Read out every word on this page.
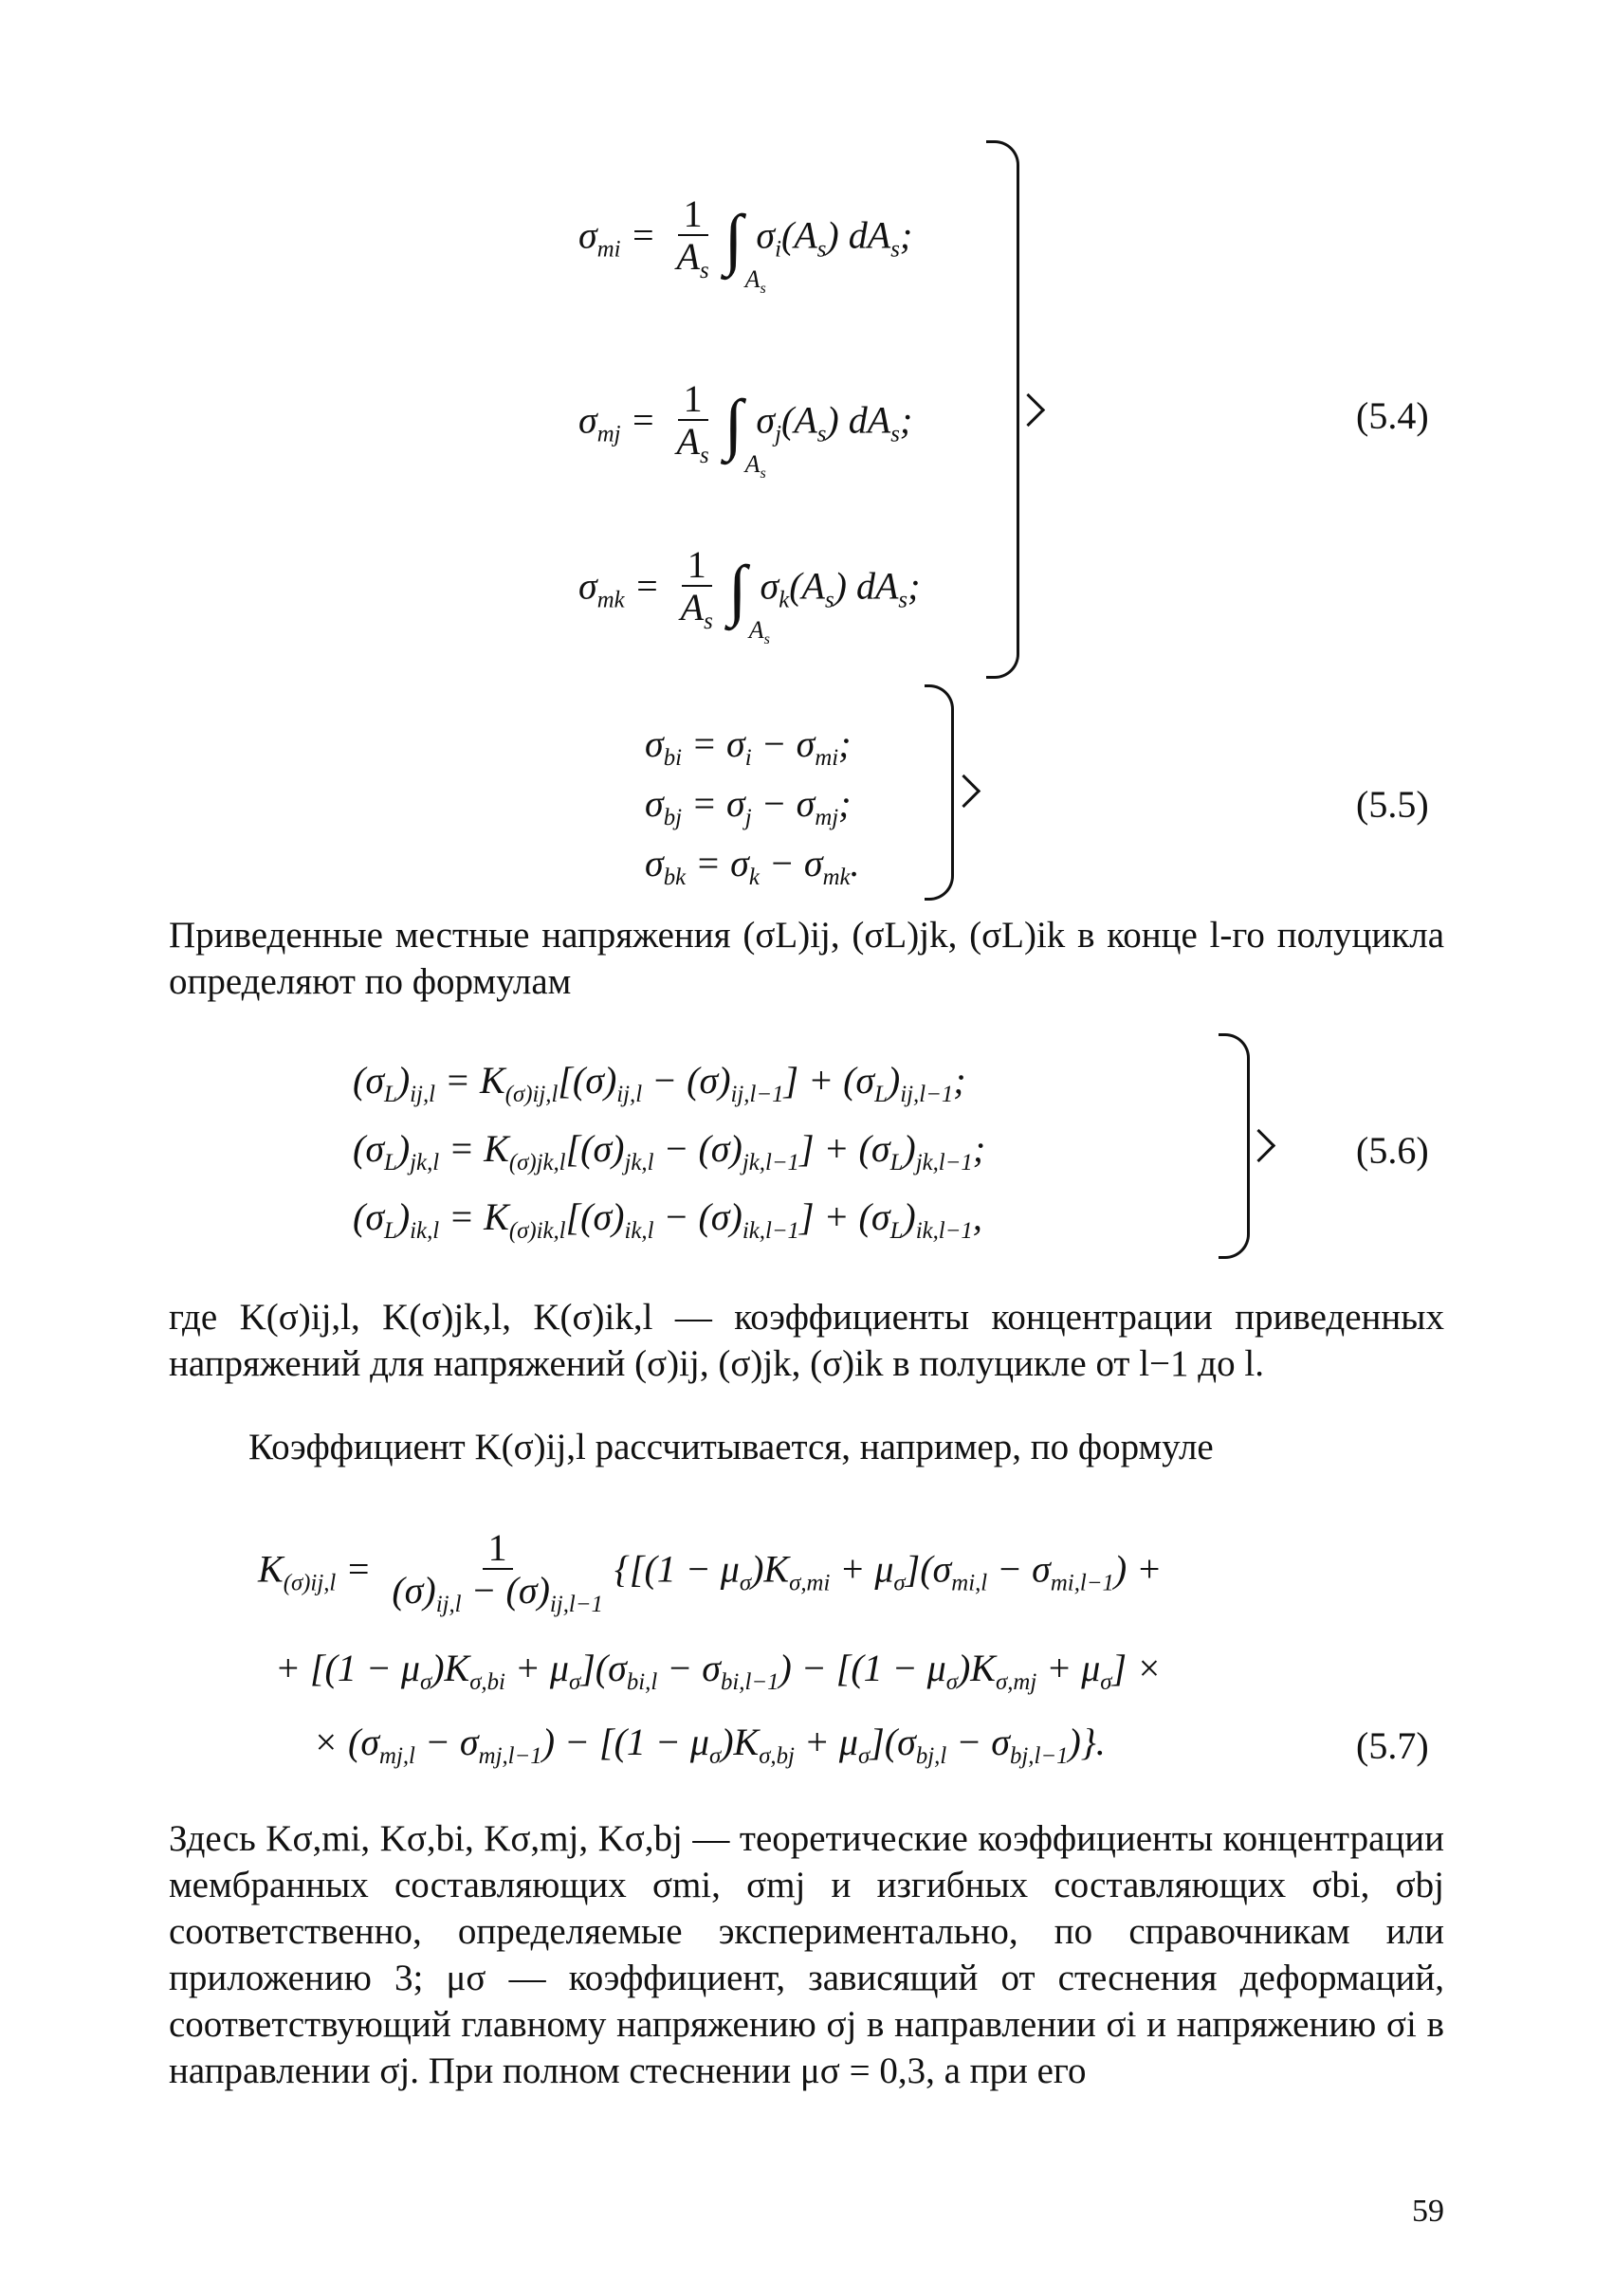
$\sigma_{mi} = \frac{1}{A_s}$ ∫
$A_s$
$\sigma_i(A_s)$ $dA_s$;
$\sigma_{mj} = \frac{1}{A_s}$ ∫
$A_s$
$\sigma_j(A_s)$ $dA_s$;
$\sigma_{mk} = \frac{1}{A_s}$ ∫
$A_s$
$\sigma_k(A_s)$ $dA_s$;
(5.4)
$\sigma_{bi} = \sigma_i - \sigma_{mi}$;
$\sigma_{bj} = \sigma_j - \sigma_{mj}$;
$\sigma_{bk} = \sigma_k - \sigma_{mk}$.
(5.5)
Приведенные местные напряжения (σL)ij, (σL)jk, (σL)ik в конце l-го полуцикла определяют по формулам
$(\sigma_L)_{ij,l} = K_{(\sigma)ij,l}[(\sigma)_{ij,l} - (\sigma)_{ij,l-1}] + (\sigma_L)_{ij,l-1}$;
$(\sigma_L)_{jk,l} = K_{(\sigma)jk,l}[(\sigma)_{jk,l} - (\sigma)_{jk,l-1}] + (\sigma_L)_{jk,l-1}$;
$(\sigma_L)_{ik,l} = K_{(\sigma)ik,l}[(\sigma)_{ik,l} - (\sigma)_{ik,l-1}] + (\sigma_L)_{ik,l-1}$,
(5.6)
где K(σ)ij,l, K(σ)jk,l, K(σ)ik,l — коэффициенты концентрации приведенных напряжений для напряжений (σ)ij, (σ)jk, (σ)ik в полуцикле от l−1 до l.
Коэффициент K(σ)ij,l рассчитывается, например, по формуле
$K_{(\sigma)ij,l} = \frac{1}{(\sigma)_{ij,l} - (\sigma)_{ij,l-1}} \{[(1 - \mu_\sigma)K_{\sigma,mi} + \mu_\sigma](\sigma_{mi,l} - \sigma_{mi,l-1})$ +
+ $[(1 - \mu_\sigma)K_{\sigma,bi} + \mu_\sigma](\sigma_{bi,l} - \sigma_{bi,l-1}) - [(1 - \mu_\sigma)K_{\sigma,mj} + \mu_\sigma]$ ×
× $(\sigma_{mj,l} - \sigma_{mj,l-1}) - [(1 - \mu_\sigma)K_{\sigma,bj} + \mu_\sigma](\sigma_{bj,l} - \sigma_{bj,l-1})$}.	(5.7)
Здесь Kσ,mi, Kσ,bi, Kσ,mj, Kσ,bj — теоретические коэффициенты концентрации мембранных составляющих σmi, σmj и изгибных составляющих σbi, σbj соответственно, определяемые экспериментально, по справочникам или приложению 3; μσ — коэффициент, зависящий от стеснения деформаций, соответствующий главному напряжению σj в направлении σi и напряжению σi в направлении σj. При полном стеснении μσ = 0,3, а при его
59
